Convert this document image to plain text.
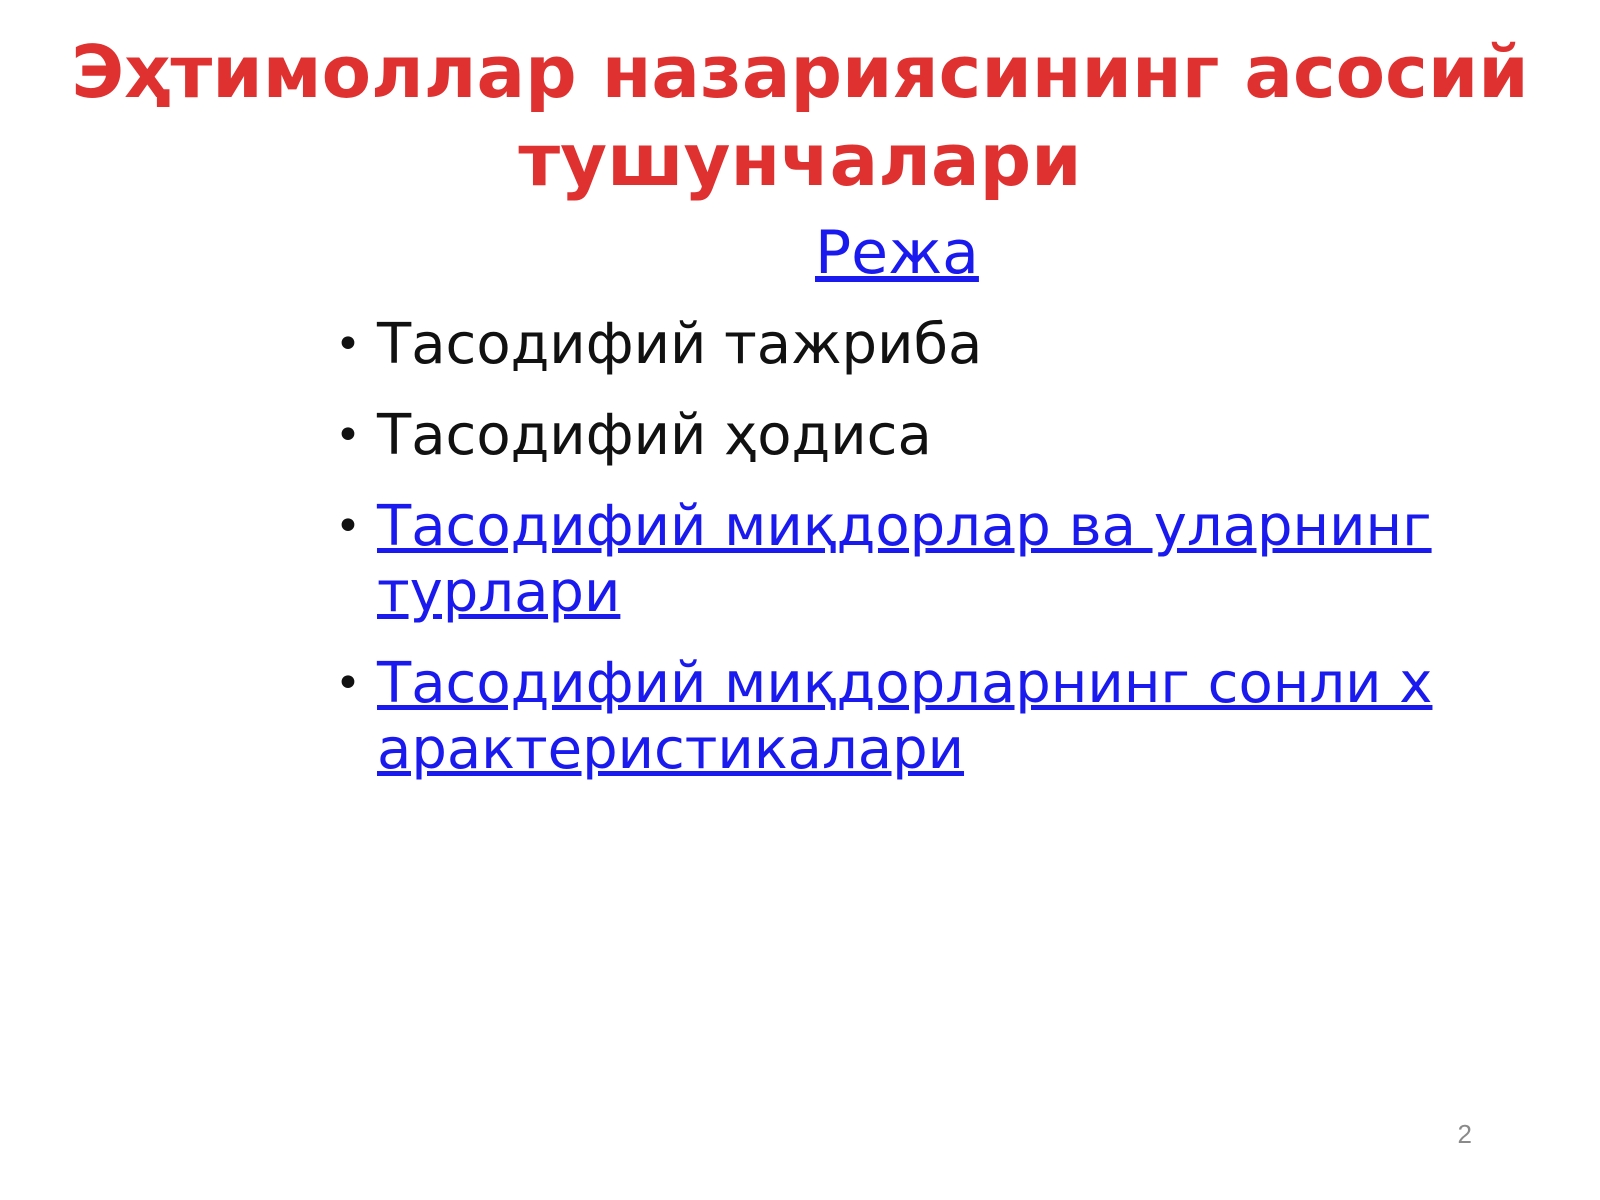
Эҳтимоллар назариясининг асосий
тушунчалари
Режа
• Тасодифий тажриба
• Тасодифий ҳодиса
• Тасодифий миқдорлар ва уларнинг турлари
• Тасодифий миқдорларнинг сонли характеристикалари
2
